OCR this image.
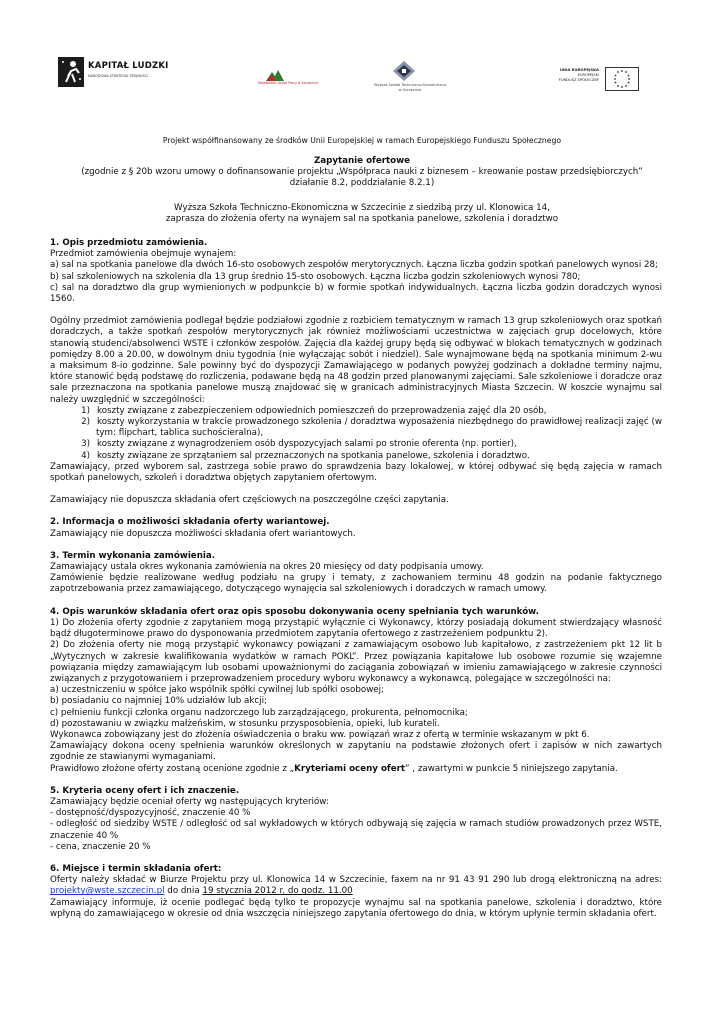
KAPITAŁ LUDZKI
NARODOWA STRATEGIA SPÓJNOŚCI
Wojewódzki Urząd Pracy w Szczecinie	Wyższa Szkoła Techniczno-Ekonomiczna
w Szczecinie
UNIA EUROPEJSKA
EUROPEJSKI
FUNDUSZ SPOŁECZNY
Projekt współfinansowany ze środków Unii Europejskiej w ramach Europejskiego Funduszu Społecznego
Zapytanie ofertowe
(zgodnie z § 20b wzoru umowy o dofinansowanie projektu „Współpraca nauki z biznesem – kreowanie postaw przedsiębiorczych”
działanie 8.2, poddziałanie 8.2.1)
Wyższa Szkoła Techniczno-Ekonomiczna w Szczecinie z siedzibą przy ul. Klonowica 14,
zaprasza do złożenia oferty na wynajem sal na spotkania panelowe, szkolenia i doradztwo

1. Opis przedmiotu zamówienia.

Przedmiot zamówienia obejmuje wynajem:

a) sal na spotkania panelowe dla dwóch 16-sto osobowych zespołów merytorycznych. Łączna liczba godzin spotkań panelowych wynosi 28;

b) sal szkoleniowych na szkolenia dla 13 grup średnio 15-sto osobowych. Łączna liczba godzin szkoleniowych wynosi 780;

c) sal na doradztwo dla grup wymienionych w podpunkcie b) w formie spotkań indywidualnych. Łączna liczba godzin doradczych wynosi 1560.

Ogólny przedmiot zamówienia podlegał będzie podziałowi zgodnie z rozbiciem tematycznym w ramach 13 grup szkoleniowych oraz spotkań doradczych, a także spotkań zespołów merytorycznych jak również możliwościami uczestnictwa w zajęciach grup docelowych, które stanowią studenci/absolwenci WSTE i członków zespołów. Zajęcia dla każdej grupy będą się odbywać w blokach tematycznych w godzinach pomiędzy 8.00 a 20.00, w dowolnym dniu tygodnia (nie wyłączając sobót i niedziel). Sale wynajmowane będą na spotkania minimum 2-wu a maksimum 8-io godzinne. Sale powinny być do dyspozycji Zamawiającego w podanych powyżej godzinach a dokładne terminy najmu, które stanowić będą podstawę do rozliczenia, podawane będą na 48 godzin przed planowanymi zajęciami. Sale szkoleniowe i doradcze oraz sale przeznaczona na spotkania panelowe muszą znajdować się w granicach administracyjnych Miasta Szczecin. W koszcie wynajmu sal należy uwzględnić w szczególności:

1) koszty związane z zabezpieczeniem odpowiednich pomieszczeń do przeprowadzenia zajęć dla 20 osób,

2) koszty wykorzystania w trakcie prowadzonego szkolenia / doradztwa wyposażenia niezbędnego do prawidłowej realizacji zajęć (w tym: flipchart, tablica suchościeralna),

3) koszty związane z wynagrodzeniem osób dyspozycyjach salami po stronie oferenta (np. portier),

4) koszty związane ze sprzątaniem sal przeznaczonych na spotkania panelowe, szkolenia i doradztwo.

Zamawiający, przed wyborem sal, zastrzega sobie prawo do sprawdzenia bazy lokalowej, w której odbywać się będą zajęcia w ramach spotkań panelowych, szkoleń i doradztwa objętych zapytaniem ofertowym.

Zamawiający nie dopuszcza składania ofert częściowych na poszczególne części zapytania.

2. Informacja o możliwości składania oferty wariantowej.

Zamawiający nie dopuszcza możliwości składania ofert wariantowych.

3. Termin wykonania zamówienia.

Zamawiający ustala okres wykonania zamówienia na okres 20 miesięcy od daty podpisania umowy.

Zamówienie będzie realizowane według podziału na grupy i tematy, z zachowaniem terminu 48 godzin na podanie faktycznego zapotrzebowania przez zamawiającego, dotyczącego wynajęcia sal szkoleniowych i doradczych w ramach umowy.

4. Opis warunków składania ofert oraz opis sposobu dokonywania oceny spełniania tych warunków.

1) Do złożenia oferty zgodnie z zapytaniem mogą przystąpić wyłącznie ci Wykonawcy, którzy posiadają dokument stwierdzający własność bądź długoterminowe prawo do dysponowania przedmiotem zapytania ofertowego z zastrzeżeniem podpunktu 2).

2) Do złożenia oferty nie mogą przystąpić wykonawcy powiązani z zamawiającym osobowo lub kapitałowo, z zastrzeżeniem pkt 12 lit b „Wytycznych w zakresie kwalifikowania wydatków w ramach POKL”. Przez powiązania kapitałowe lub osobowe rozumie się wzajemne powiązania między zamawiającym lub osobami upoważnionymi do zaciągania zobowiązań w imieniu zamawiającego w zakresie czynności związanych z przygotowaniem i przeprowadzeniem procedury wyboru wykonawcy a wykonawcą, polegające w szczególności na:

a) uczestniczeniu w spółce jako wspólnik spółki cywilnej lub spółki osobowej;

b) posiadaniu co najmniej 10% udziałów lub akcji;

c) pełnieniu funkcji członka organu nadzorczego lub zarządzającego, prokurenta, pełnomocnika;

d) pozostawaniu w związku małżeńskim, w stosunku przysposobienia, opieki, lub kurateli.

Wykonawca zobowiązany jest do złożenia oświadczenia o braku ww. powiązań wraz z ofertą w terminie wskazanym w pkt 6.

Zamawiający dokona oceny spełnienia warunków określonych w zapytaniu na podstawie złożonych ofert i zapisów w nich zawartych zgodnie ze stawianymi wymaganiami.

Prawidłowo złożone oferty zostaną ocenione zgodnie z „Kryteriami oceny ofert” , zawartymi w punkcie 5 niniejszego zapytania.

5. Kryteria oceny ofert i ich znaczenie.

Zamawiający będzie oceniał oferty wg następujących kryteriów:

- dostępność/dyspozycyjność, znaczenie 40 %

- odległość od siedziby WSTE / odległość od sal wykładowych w których odbywają się zajęcia w ramach studiów prowadzonych przez WSTE, znaczenie 40 %

- cena, znaczenie 20 %

6. Miejsce i termin składania ofert:

Oferty należy składać w Biurze Projektu przy ul. Klonowica 14 w Szczecinie, faxem na nr 91 43 91 290 lub drogą elektroniczną na adres: projekty@wste.szczecin.pl do dnia 19 stycznia 2012 r. do godz. 11.00

Zamawiający informuje, iż ocenie podlegać będą tylko te propozycje wynajmu sal na spotkania panelowe, szkolenia i doradztwo, które wpłyną do zamawiającego w okresie od dnia wszczęcia niniejszego zapytania ofertowego do dnia, w którym upłynie termin składania ofert.
